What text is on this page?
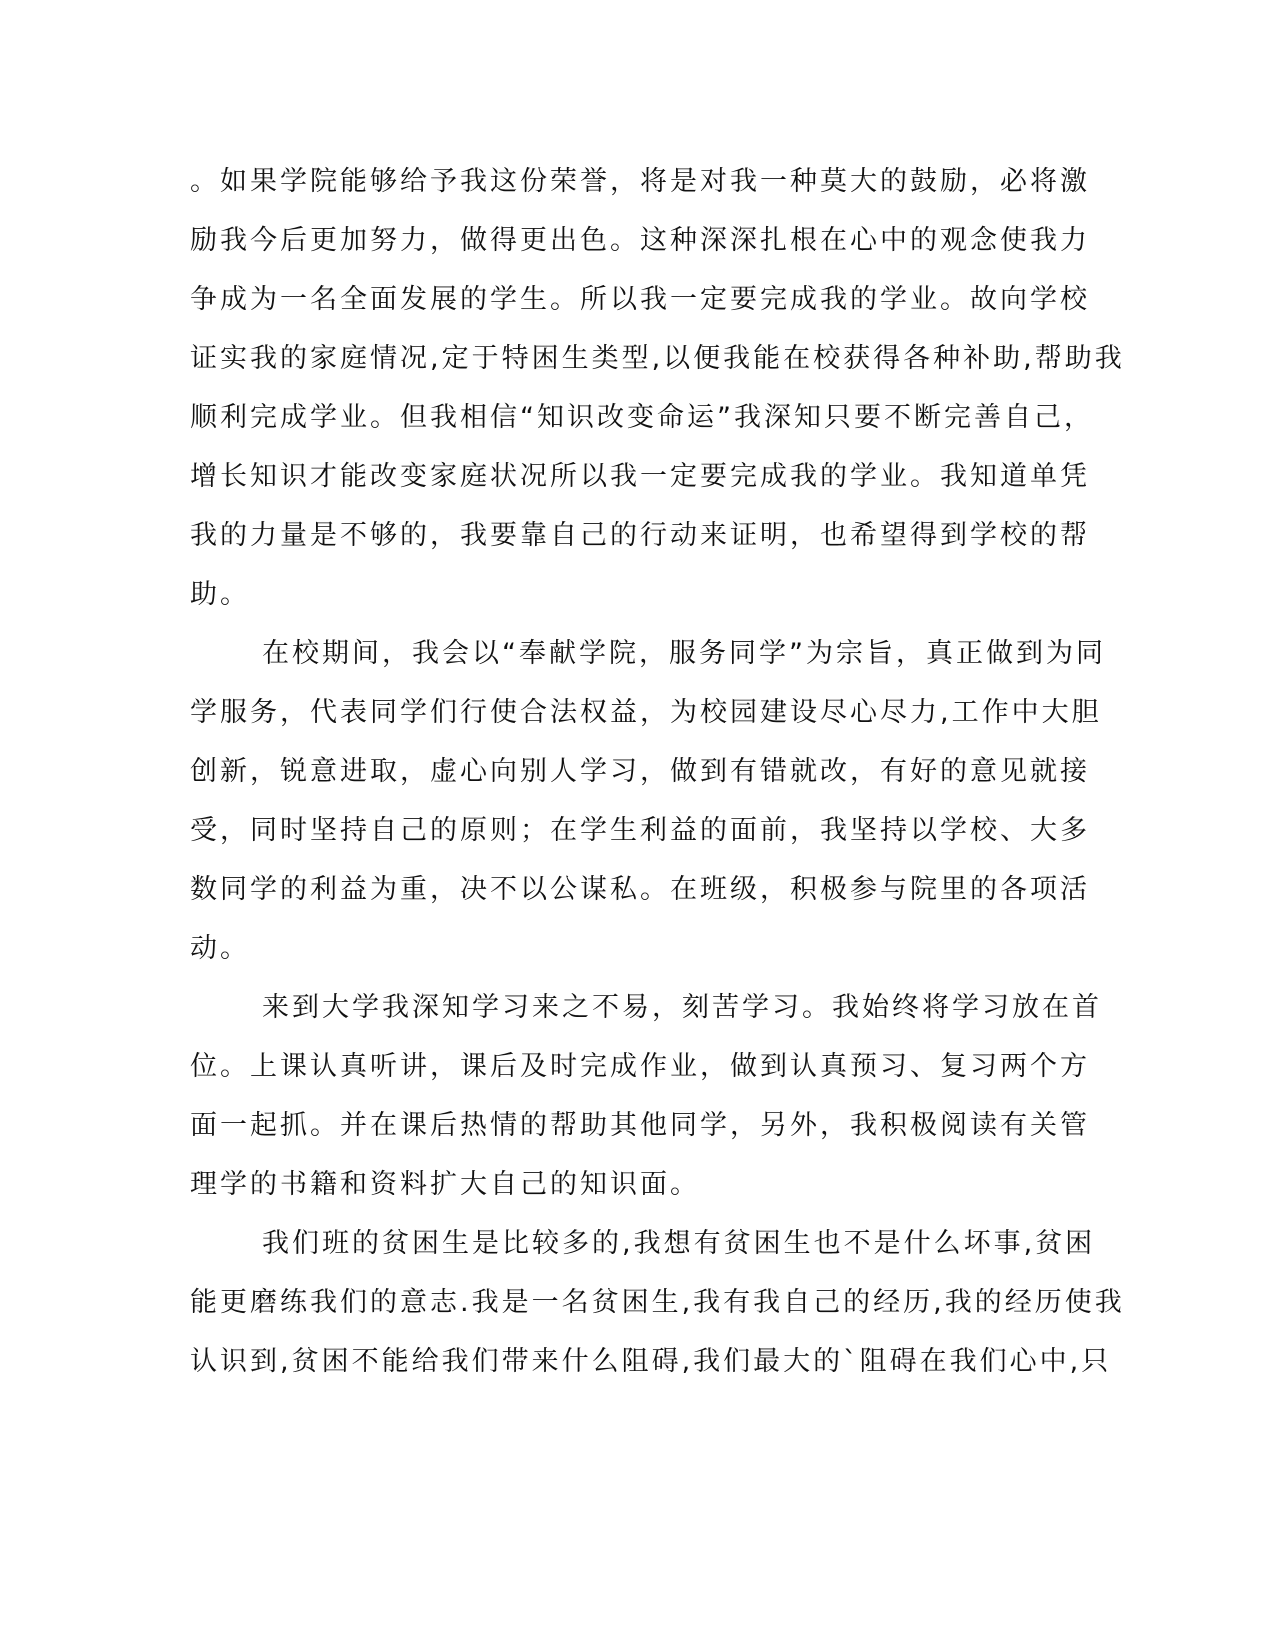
。如果学院能够给予我这份荣誉，将是对我一种莫大的鼓励，必将激
励我今后更加努力，做得更出色。这种深深扎根在心中的观念使我力
争成为一名全面发展的学生。所以我一定要完成我的学业。故向学校
证实我的家庭情况,定于特困生类型,以便我能在校获得各种补助,帮助我
顺利完成学业。但我相信“知识改变命运”我深知只要不断完善自己，
增长知识才能改变家庭状况所以我一定要完成我的学业。我知道单凭
我的力量是不够的，我要靠自己的行动来证明，也希望得到学校的帮
助。
在校期间，我会以“奉献学院，服务同学”为宗旨，真正做到为同
学服务，代表同学们行使合法权益，为校园建设尽心尽力,工作中大胆
创新，锐意进取，虚心向别人学习，做到有错就改，有好的意见就接
受，同时坚持自己的原则；在学生利益的面前，我坚持以学校、大多
数同学的利益为重，决不以公谋私。在班级，积极参与院里的各项活
动。
来到大学我深知学习来之不易，刻苦学习。我始终将学习放在首
位。上课认真听讲，课后及时完成作业，做到认真预习、复习两个方
面一起抓。并在课后热情的帮助其他同学，另外，我积极阅读有关管
理学的书籍和资料扩大自己的知识面。
我们班的贫困生是比较多的,我想有贫困生也不是什么坏事,贫困
能更磨练我们的意志.我是一名贫困生,我有我自己的经历,我的经历使我
认识到,贫困不能给我们带来什么阻碍,我们最大的`阻碍在我们心中,只
